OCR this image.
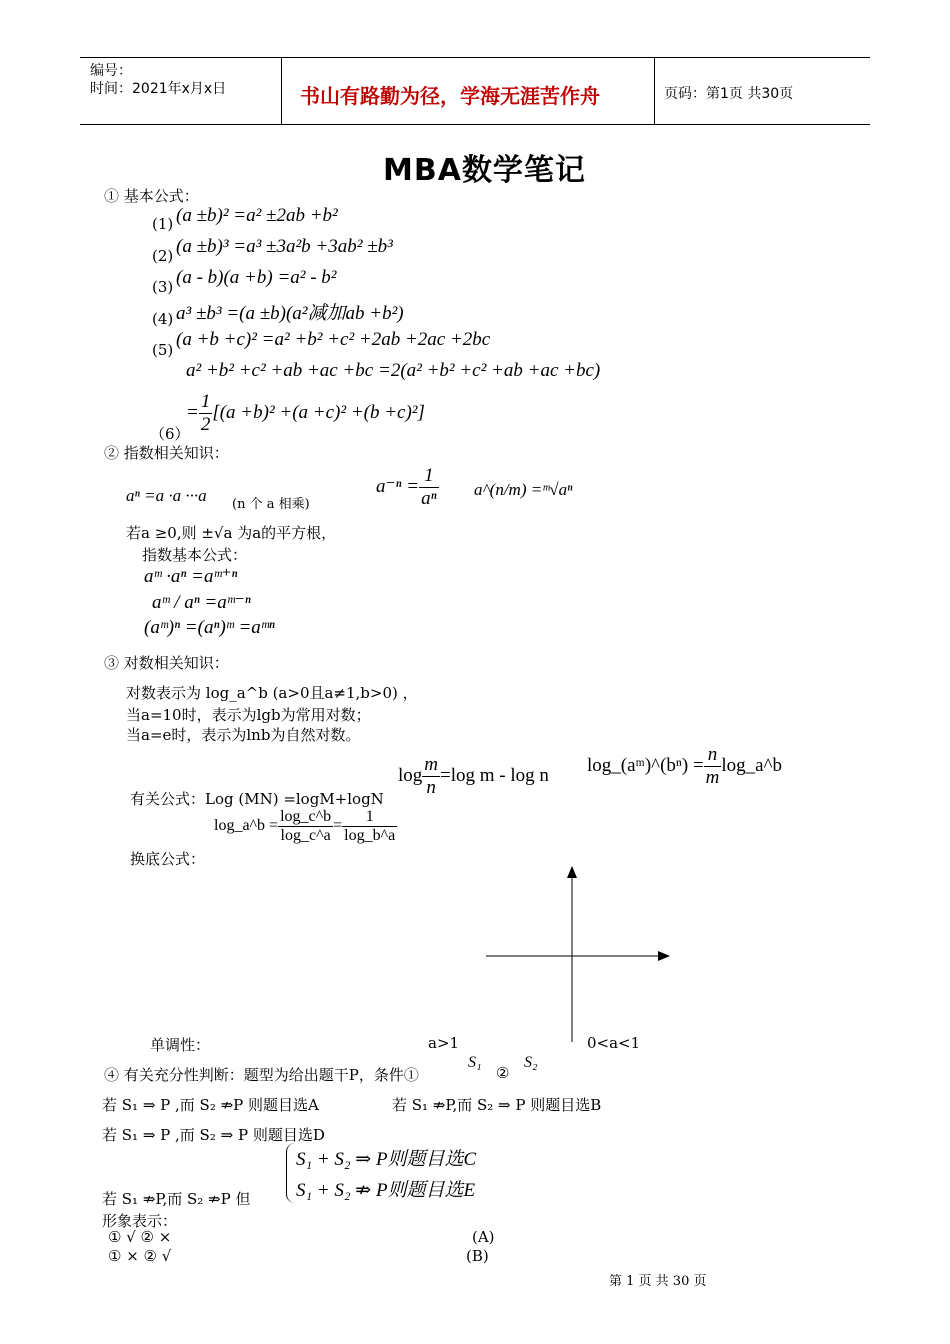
编号：
时间：2021年x月x日	书山有路勤为径，学海无涯苦作舟	页码：第1页 共30页
MBA数学笔记
① 基本公式：
(1) (a ±b)² =a² ±2ab +b²
(2) (a ±b)³ =a³ ±3a²b +3ab² ±b³
(3) (a - b)(a +b) =a² - b²
(4) a³ ±b³ =(a ±b)(a²减加ab +b²)
(5) (a +b +c)² =a² +b² +c² +2ab +2ac +2bc
a² +b² +c² +ab +ac +bc =2(a² +b² +c² +ab +ac +bc)
= $\frac{1}{2} [(a +b)^2 +(a +c)^2 +(b +c)^2]$
（6）
② 指数相关知识：
$a^{-n} = \frac{1}{\text{aⁿ}}$ a^(n/m) =ᵐ√aⁿ
aⁿ =a ·a ···a (n 个 a 相乘)
若a ≥0,则 ±√a 为a的平方根，
指数基本公式：
aᵐ ·aⁿ =aᵐ⁺ⁿ
aᵐ / aⁿ =aᵐ⁻ⁿ
(aᵐ)ⁿ =(aⁿ)ᵐ =aᵐⁿ
③ 对数相关知识：
对数表示为 log_a^b (a>0且a≠1,b>0) ，
当a=10时，表示为lgb为常用对数；
当a=e时，表示为lnb为自然对数。
$\log \frac{m}{n} =\log$ m - log n log_(aᵐ)^(bⁿ) = $\frac{n}{m}$ log_a^b
有关公式：Log (MN) =logM+logN
log_a^b = $\frac{\log\_c\^{}b}{\log\_c\^{}a} = \frac{1}{\log\_b\^{}a}$
换底公式：
单调性：	a>1	0<a<1
④ 有关充分性判断：题型为给出题干P，条件①
S₁
②
S₂
若 S₁ ⇒ P ,而 S₂ ⇏P 则题目选A	若 S₁ ⇏P,而 S₂ ⇒ P 则题目选B
若 S₁ ⇒ P ,而 S₂ ⇒ P 则题目选D
S₁ + S₂ ⇒ P则题目选C
S₁ + S₂ ⇏ P则题目选E
若 S₁ ⇏P,而 S₂ ⇏P 但
形象表示：
① √ ② ×	(A)
① × ② √	(B)
第 1 页 共 30 页
